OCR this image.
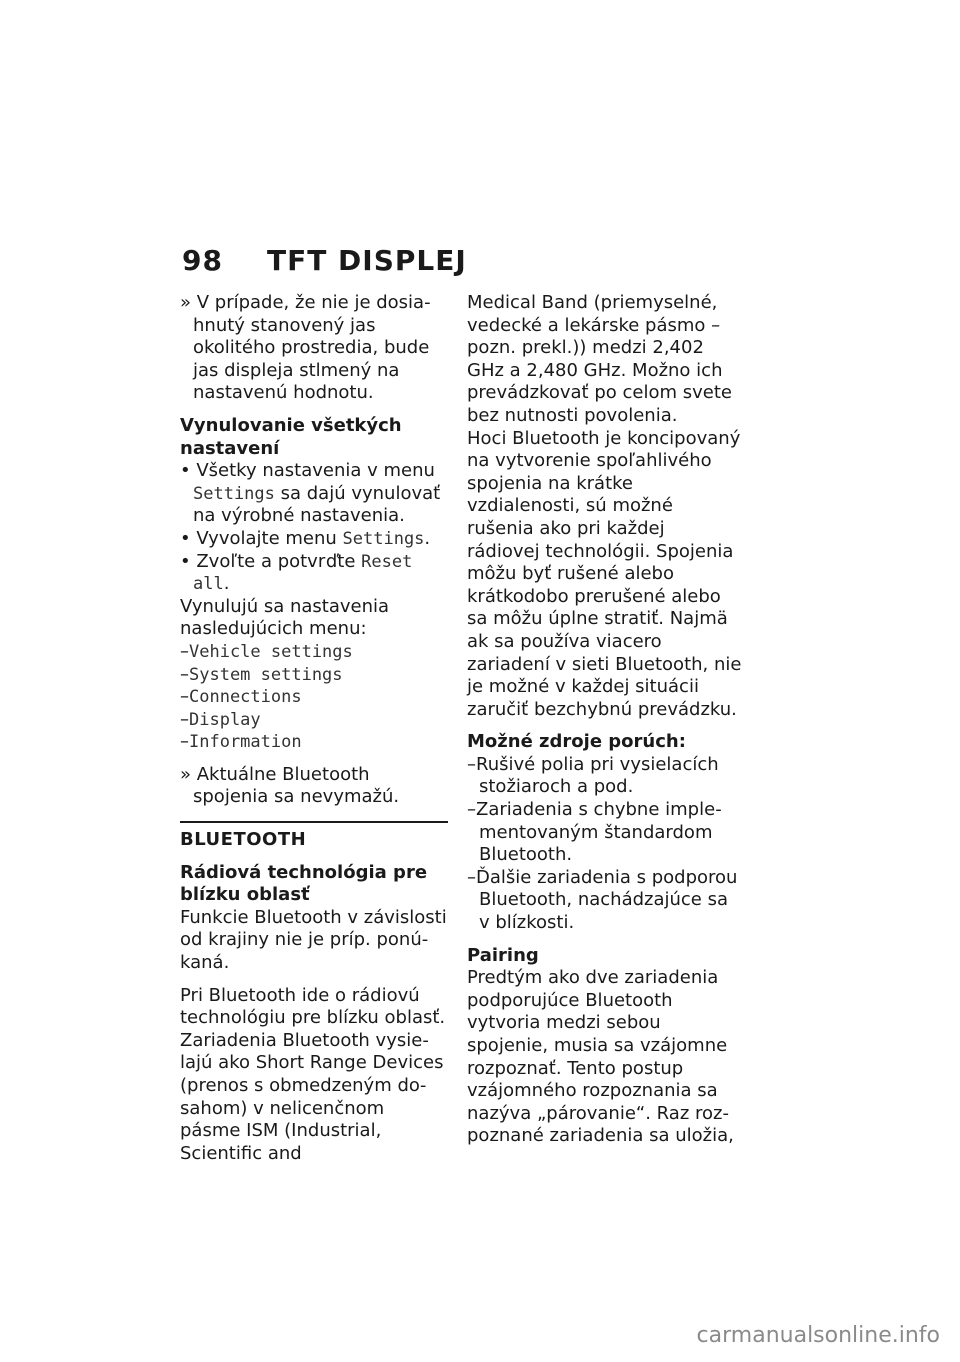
98 TFT DISPLEJ

» V prípade, že nie je dosiahnutý stanovený jas okolitého prostredia, bude jas displeja stlmený na nastavenú hodnotu.

Vynulovanie všetkých nastavení

• Všetky nastavenia v menu Settings sa dajú vynulovať na výrobné nastavenia.

• Vyvolajte menu Settings.

• Zvoľte a potvrďte Reset all.

Vynulujú sa nastavenia nasledujúcich menu:

–Vehicle settings

–System settings

–Connections

–Display

–Information

» Aktuálne Bluetooth spojenia sa nevymažú.

BLUETOOTH

Rádiová technológia pre blízku oblasť

Funkcie Bluetooth v závislosti od krajiny nie je príp. ponúkaná.

Pri Bluetooth ide o rádiovú technológiu pre blízku oblasť. Zariadenia Bluetooth vysielajú ako Short Range Devices (prenos s obmedzeným dosahom) v nelicenčnom pásme ISM (Industrial, Scientific and

Medical Band (priemyselné, vedecké a lekárske pásmo – pozn. prekl.)) medzi 2,402 GHz a 2,480 GHz. Možno ich prevádzkovať po celom svete bez nutnosti povolenia.

Hoci Bluetooth je koncipovaný na vytvorenie spoľahlivého spojenia na krátke vzdialenosti, sú možné rušenia ako pri každej rádiovej technológii. Spojenia môžu byť rušené alebo krátkodobo prerušené alebo sa môžu úplne stratiť. Najmä ak sa používa viacero zariadení v sieti Bluetooth, nie je možné v každej situácii zaručiť bezchybnú prevádzku.

Možné zdroje porúch:

–Rušivé polia pri vysielacích stožiaroch a pod.

–Zariadenia s chybne implementovaným štandardom Bluetooth.

–Ďalšie zariadenia s podporou Bluetooth, nachádzajúce sa v blízkosti.

Pairing

Predtým ako dve zariadenia podporujúce Bluetooth vytvoria medzi sebou spojenie, musia sa vzájomne rozpoznať. Tento postup vzájomného rozpoznania sa nazýva „párovanie“. Raz rozpoznané zariadenia sa uložia,

carmanualsonline.info
